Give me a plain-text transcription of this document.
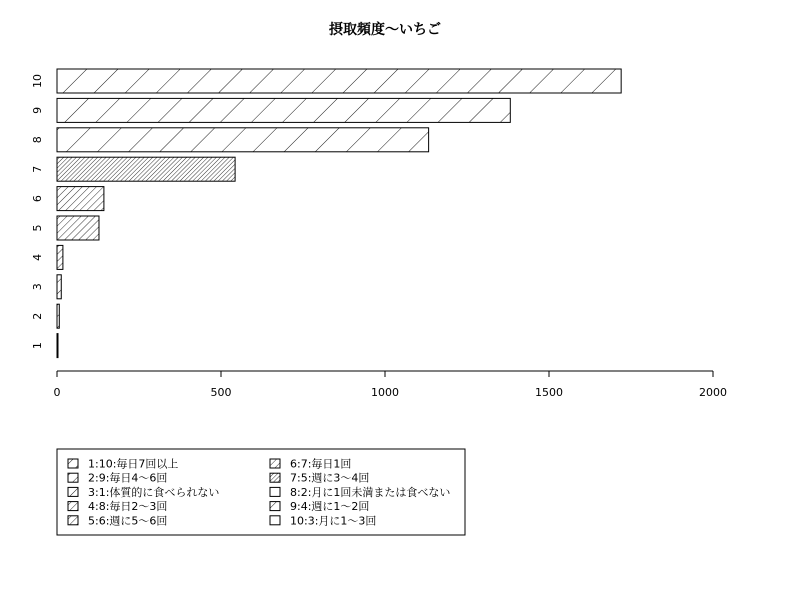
摂取頻度〜いちご
0	500	1000	1500	2000
1
2
3
4
5
6
7
8
9
10
1:10:毎日7回以上
2:9:毎日4〜6回
3:1:体質的に食べられない
4:8:毎日2〜3回
5:6:週に5〜6回
6:7:毎日1回
7:5:週に3〜4回
8:2:月に1回未満または食べない
9:4:週に1〜2回
10:3:月に1〜3回
